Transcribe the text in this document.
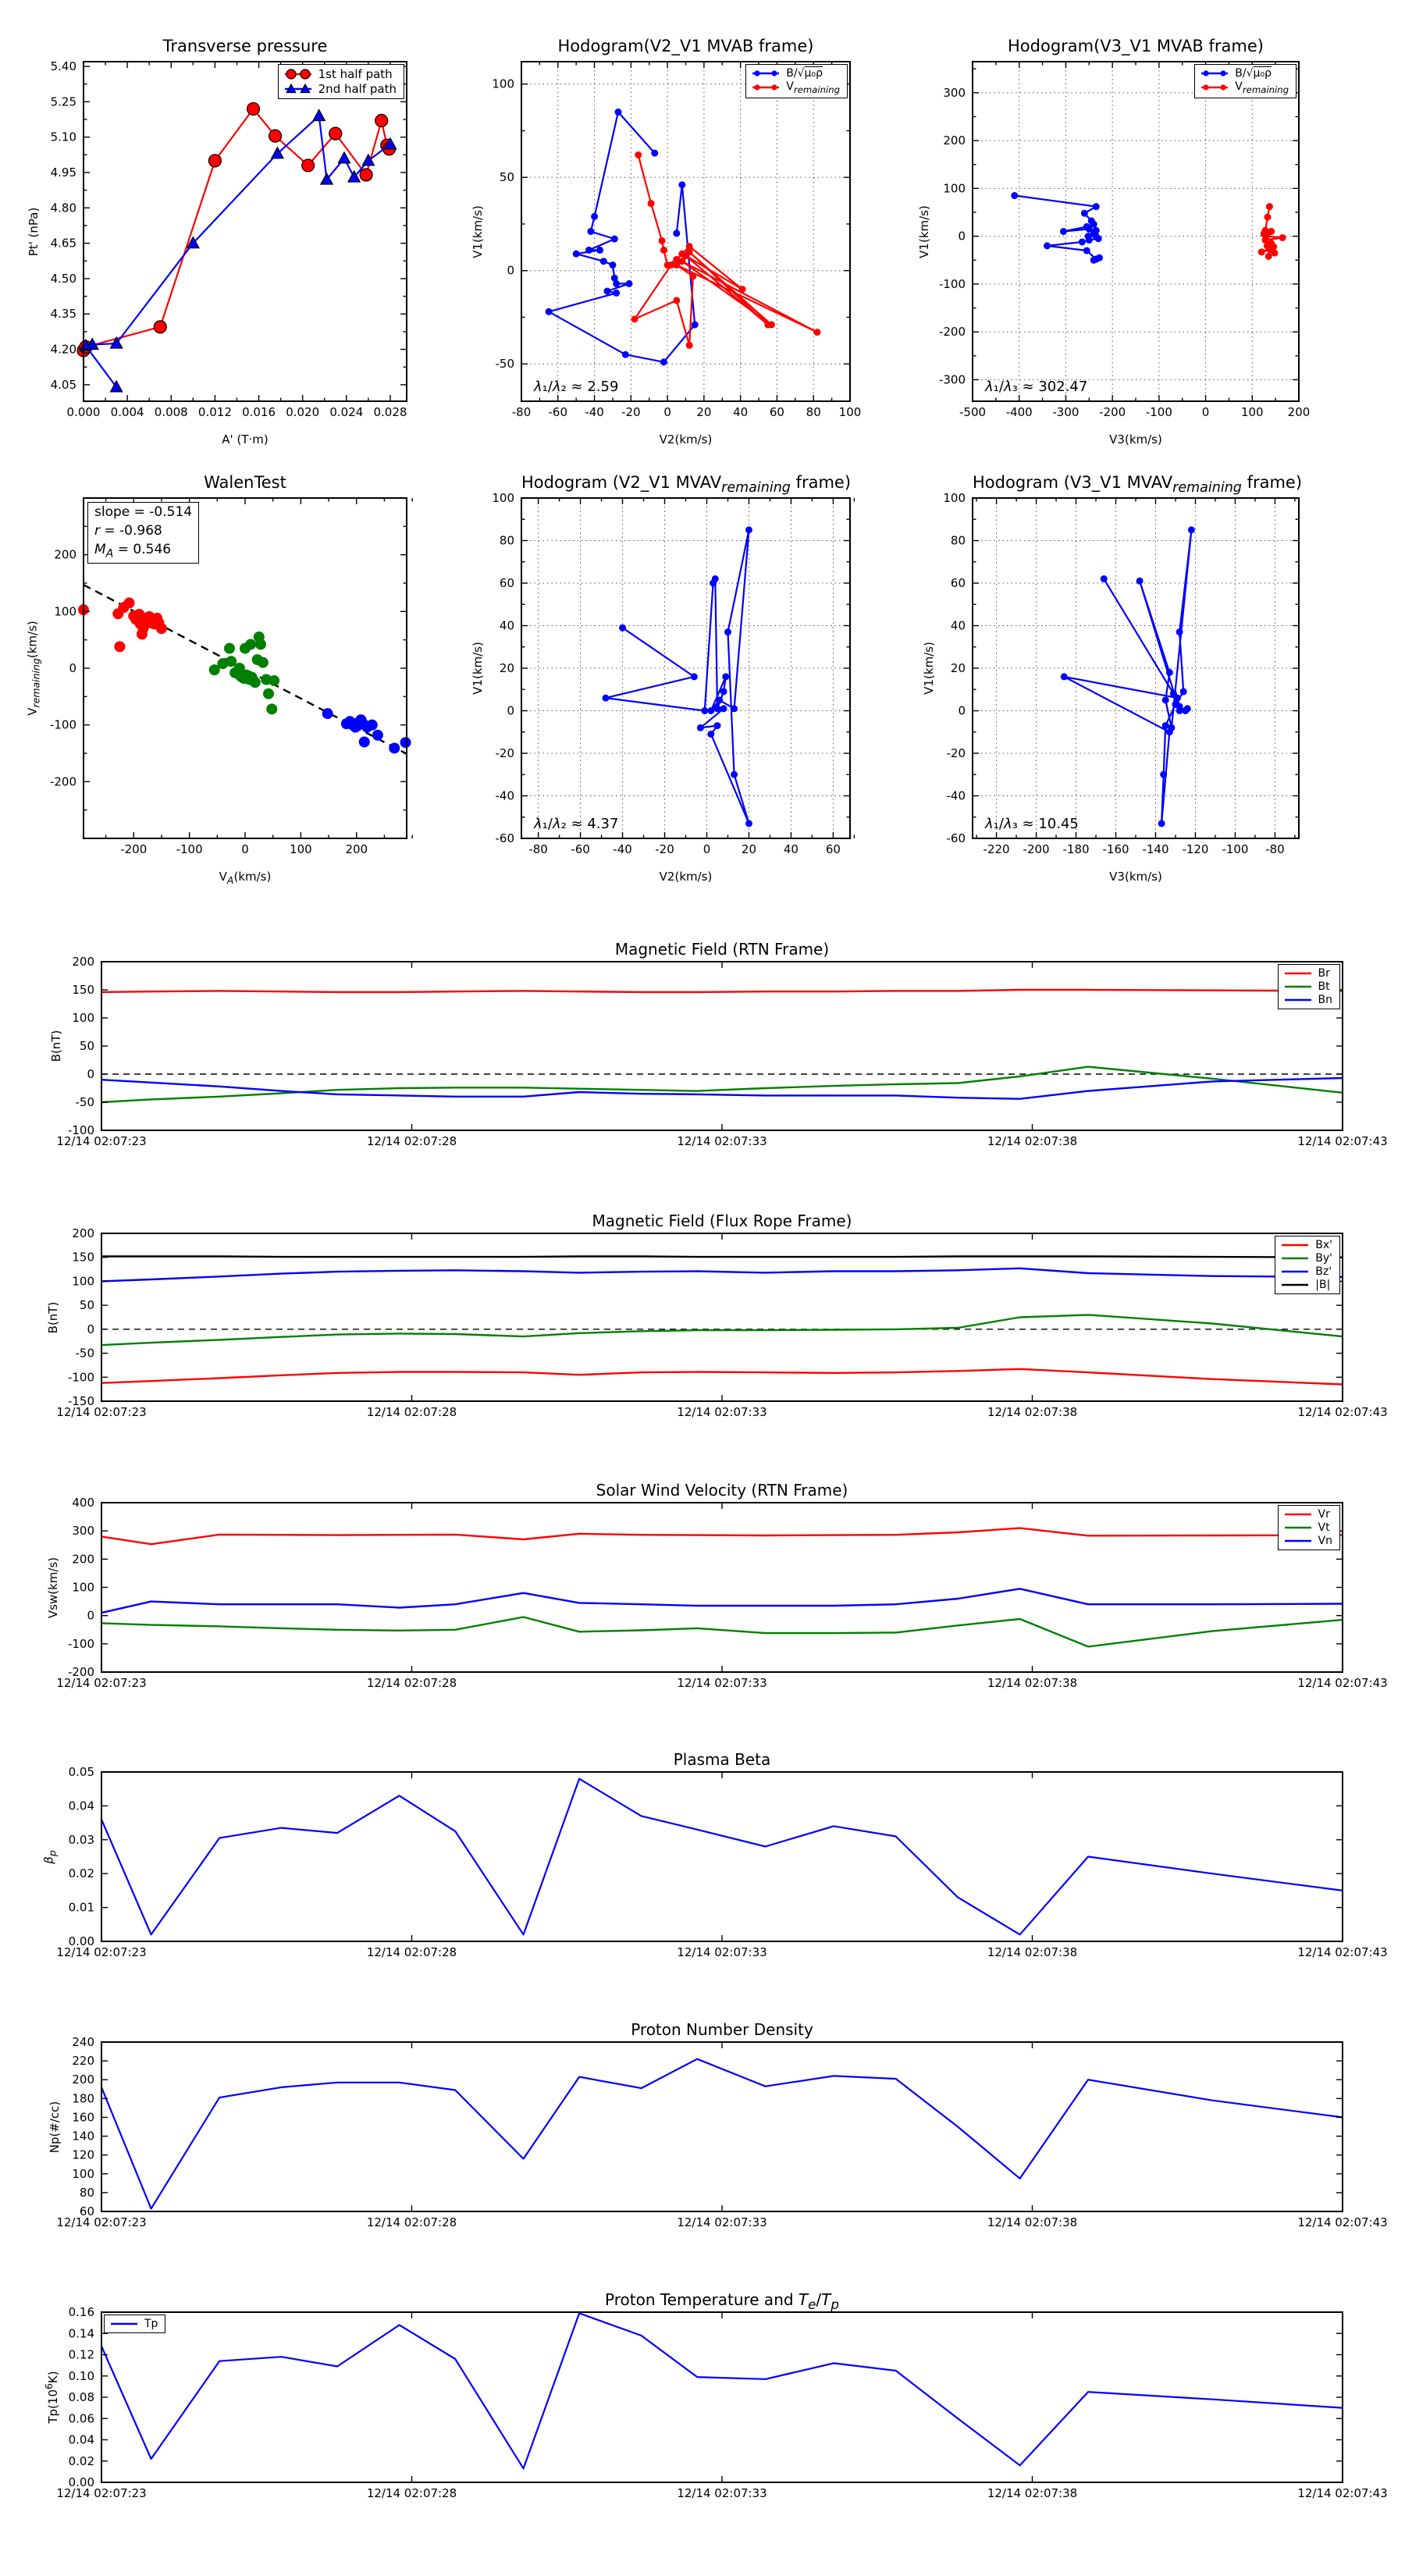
0.000 0.004 0.008 0.012 0.016 0.020 0.024 0.028
4.05
4.20
4.35
4.50
4.65
4.80
4.95
5.10
5.25
5.40
Transverse pressure
A' (T·m)
Pt' (nPa)
1st half path
2nd half path
-80 -60 -40 -20 0 20 40 60 80 100
-50
0
50
100
Hodogram(V2_V1 MVAB frame)
V2(km/s)
V1(km/s)
B/√μ₀ρ
$V_{remaining}$
λ₁/λ₂ ≈ 2.59
-500 -400 -300 -200 -100	0	100 200
-300
-200
-100
0
100
200
300
Hodogram(V3_V1 MVAB frame)
V3(km/s)
V1(km/s)
B/√μ₀ρ
$V_{remaining}$
λ₁/λ₃ ≈ 302.47
-200 -100	0	100	200
-200
-100
0
100
200
WalenTest
$V_A(km/s)$
$V_{remaining}(km/s)$
slope = -0.514
r = -0.968
$M_A = 0.546$
-80 -60 -40 -20 0	20 40 60
-60
-40
-20
0
20
40
60
80
100
Hodogram (V2_V1 $MVAV_{remaining}$ frame)
V2(km/s)
V1(km/s)
λ₁/λ₂ ≈ 4.37
-220 -200 -180 -160 -140 -120 -100 -80
-60
-40
-20
0
20
40
60
80
100
Hodogram (V3_V1 $MVAV_{remaining}$ frame)
V3(km/s)
V1(km/s)
λ₁/λ₃ ≈ 10.45
12/14 02:07:23	12/14 02:07:28	12/14 02:07:33	12/14 02:07:38	12/14 02:07:43
-100
-50
0
50
100
150
200
Magnetic Field (RTN Frame)
B(nT)
Br
Bt
Bn
12/14 02:07:23	12/14 02:07:28	12/14 02:07:33	12/14 02:07:38	12/14 02:07:43
-150
-100
-50
0
50
100
150
200
Magnetic Field (Flux Rope Frame)
B(nT)
Bx'
By'
Bz'
|B|
12/14 02:07:23	12/14 02:07:28	12/14 02:07:33	12/14 02:07:38	12/14 02:07:43
-200
-100
0
100
200
300
400
Solar Wind Velocity (RTN Frame)
Vsw(km/s)
Vr
Vt
Vn
12/14 02:07:23	12/14 02:07:28	12/14 02:07:33	12/14 02:07:38	12/14 02:07:43
0.00
0.01
0.02
0.03
0.04
0.05
Plasma Beta
$\beta_p$
12/14 02:07:23	12/14 02:07:28	12/14 02:07:33	12/14 02:07:38	12/14 02:07:43
60
80
100
120
140
160
180
200
220
240
Proton Number Density
Np(#/cc)
12/14 02:07:23	12/14 02:07:28	12/14 02:07:33	12/14 02:07:38	12/14 02:07:43
0.00
0.02
0.04
0.06
0.08
0.10
0.12
0.14
0.16
Proton Temperature and $T_e/T_p$
$Tp(10^6K)$
Tp
